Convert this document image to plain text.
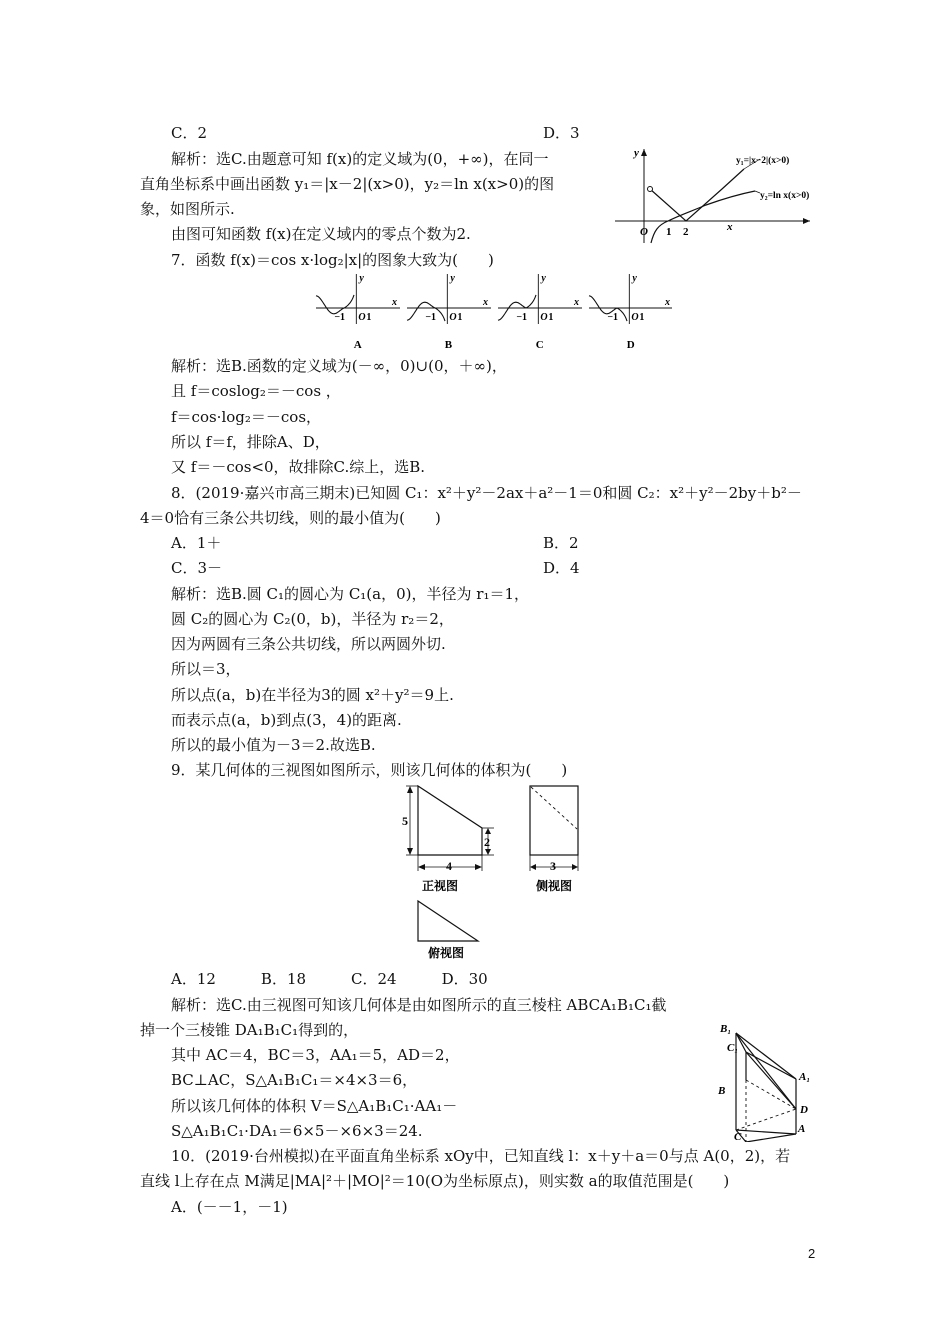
C．2	D．3
解析：选C.由题意可知 f(x)的定义域为(0，+∞)，在同一
直角坐标系中画出函数 y₁＝|x－2|(x>0)，y₂＝ln x(x>0)的图
象，如图所示.
由图可知函数 f(x)在定义域内的零点个数为2.
7．函数 f(x)＝cos x·log₂|x|的图象大致为(　　)
解析：选B.函数的定义域为(－∞，0)∪(0，＋∞)，
且 f＝coslog₂＝－cos ，
f＝cos·log₂＝－cos，
所以 f＝f，排除A、D，
又 f＝－cos<0，故排除C.综上，选B.
8．(2019·嘉兴市高三期末)已知圆 C₁：x²＋y²－2ax＋a²－1＝0和圆 C₂：x²＋y²－2by＋b²－
4＝0恰有三条公共切线，则的最小值为(　　)
A．1＋	B．2
C．3－	D．4
解析：选B.圆 C₁的圆心为 C₁(a，0)，半径为 r₁＝1，
圆 C₂的圆心为 C₂(0，b)，半径为 r₂＝2，
因为两圆有三条公共切线，所以两圆外切.
所以＝3，
所以点(a，b)在半径为3的圆 x²＋y²＝9上.
而表示点(a，b)到点(3，4)的距离.
所以的最小值为－3＝2.故选B.
9．某几何体的三视图如图所示，则该几何体的体积为(　　)
A．12　　　B．18　　　C．24　　　D．30
解析：选C.由三视图可知该几何体是由如图所示的直三棱柱 ABCA₁B₁C₁截
掉一个三棱锥 DA₁B₁C₁得到的，
其中 AC＝4，BC＝3，AA₁＝5，AD＝2，
BC⊥AC，S△A₁B₁C₁＝×4×3＝6，
所以该几何体的体积 V＝S△A₁B₁C₁·AA₁－
S△A₁B₁C₁·DA₁＝6×5－×6×3＝24.
10．(2019·台州模拟)在平面直角坐标系 xOy中，已知直线 l：x＋y＋a＝0与点 A(0，2)，若
直线 l上存在点 M满足|MA|²＋|MO|²＝10(O为坐标原点)，则实数 a的取值范围是(　　)
A．(－－1，－1)
y
x
O 1 2
y₁=|x−2|(x>0)
y₂=ln x(x>0)
−1 O 1
x
y
A
−1 O 1
x
y
B
−1 O 1
x
y
C
−1 O 1
x
y
D
5
2
4
正视图
3
侧视图
俯视图
B₁
C₁
A₁
B
D
C
A
2
